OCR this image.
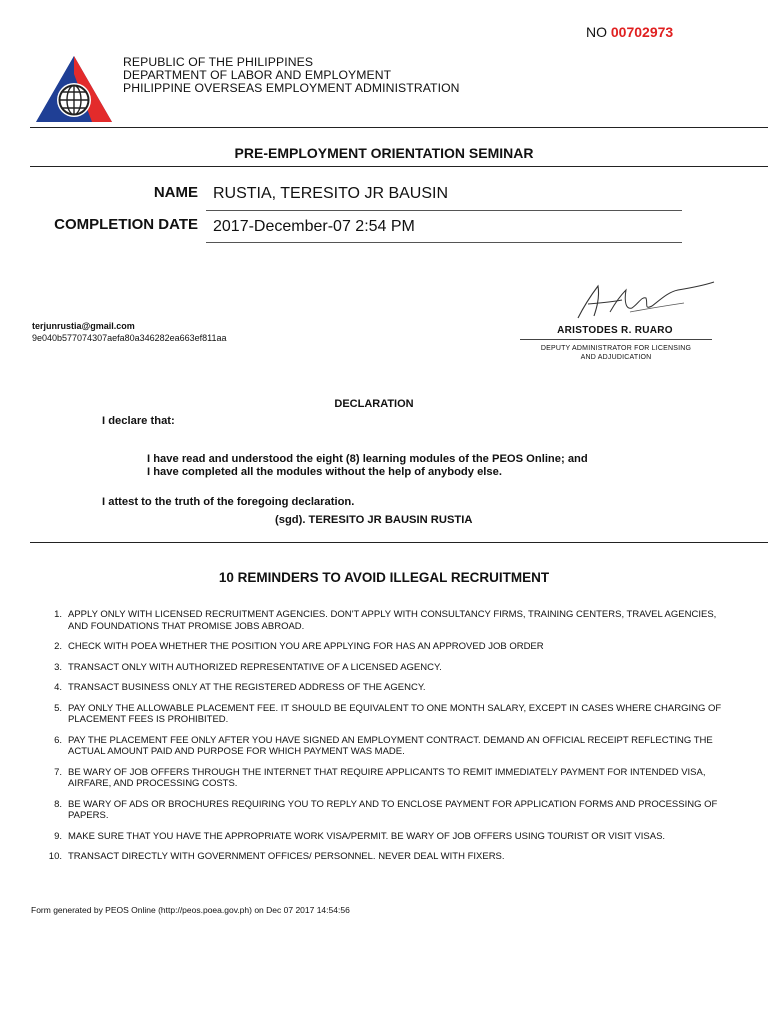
NO 00702973
REPUBLIC OF THE PHILIPPINES
DEPARTMENT OF LABOR AND EMPLOYMENT
PHILIPPINE OVERSEAS EMPLOYMENT ADMINISTRATION
PRE-EMPLOYMENT ORIENTATION SEMINAR
NAME RUSTIA, TERESITO JR BAUSIN
COMPLETION DATE 2017-December-07 2:54 PM
terjunrustia@gmail.com
9e040b577074307aefa80a346282ea663ef811aa
ARISTODES R. RUARO
DEPUTY ADMINISTRATOR FOR LICENSING
AND ADJUDICATION
DECLARATION
I declare that:
I have read and understood the eight (8) learning modules of the PEOS Online; and
I have completed all the modules without the help of anybody else.
I attest to the truth of the foregoing declaration.
(sgd). TERESITO JR BAUSIN RUSTIA
10 REMINDERS TO AVOID ILLEGAL RECRUITMENT
1. APPLY ONLY WITH LICENSED RECRUITMENT AGENCIES. DON'T APPLY WITH CONSULTANCY FIRMS, TRAINING CENTERS, TRAVEL AGENCIES, AND FOUNDATIONS THAT PROMISE JOBS ABROAD.
2. CHECK WITH POEA WHETHER THE POSITION YOU ARE APPLYING FOR HAS AN APPROVED JOB ORDER
3. TRANSACT ONLY WITH AUTHORIZED REPRESENTATIVE OF A LICENSED AGENCY.
4. TRANSACT BUSINESS ONLY AT THE REGISTERED ADDRESS OF THE AGENCY.
5. PAY ONLY THE ALLOWABLE PLACEMENT FEE. IT SHOULD BE EQUIVALENT TO ONE MONTH SALARY, EXCEPT IN CASES WHERE CHARGING OF PLACEMENT FEES IS PROHIBITED.
6. PAY THE PLACEMENT FEE ONLY AFTER YOU HAVE SIGNED AN EMPLOYMENT CONTRACT. DEMAND AN OFFICIAL RECEIPT REFLECTING THE ACTUAL AMOUNT PAID AND PURPOSE FOR WHICH PAYMENT WAS MADE.
7. BE WARY OF JOB OFFERS THROUGH THE INTERNET THAT REQUIRE APPLICANTS TO REMIT IMMEDIATELY PAYMENT FOR INTENDED VISA, AIRFARE, AND PROCESSING COSTS.
8. BE WARY OF ADS OR BROCHURES REQUIRING YOU TO REPLY AND TO ENCLOSE PAYMENT FOR APPLICATION FORMS AND PROCESSING OF PAPERS.
9. MAKE SURE THAT YOU HAVE THE APPROPRIATE WORK VISA/PERMIT. BE WARY OF JOB OFFERS USING TOURIST OR VISIT VISAS.
10. TRANSACT DIRECTLY WITH GOVERNMENT OFFICES/ PERSONNEL. NEVER DEAL WITH FIXERS.
Form generated by PEOS Online (http://peos.poea.gov.ph) on Dec 07 2017 14:54:56
